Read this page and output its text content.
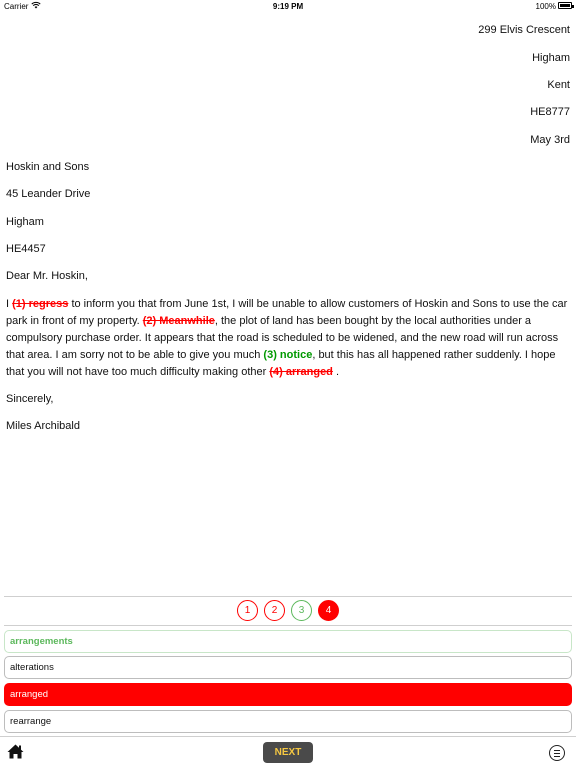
Carrier	9:19 PM	100%
299 Elvis Crescent
Higham
Kent
HE8777
May 3rd
Hoskin and Sons
45 Leander Drive
Higham
HE4457
Dear Mr. Hoskin,
I (1) regress to inform you that from June 1st, I will be unable to allow customers of Hoskin and Sons to use the car park in front of my property. (2) Meanwhile, the plot of land has been bought by the local authorities under a compulsory purchase order. It appears that the road is scheduled to be widened, and the new road will run across that area. I am sorry not to be able to give you much (3) notice, but this has all happened rather suddenly. I hope that you will not have too much difficulty making other (4) arranged .
Sincerely,
Miles Archibald
1	2	3	4
arrangements
alterations
arranged
rearrange
NEXT
